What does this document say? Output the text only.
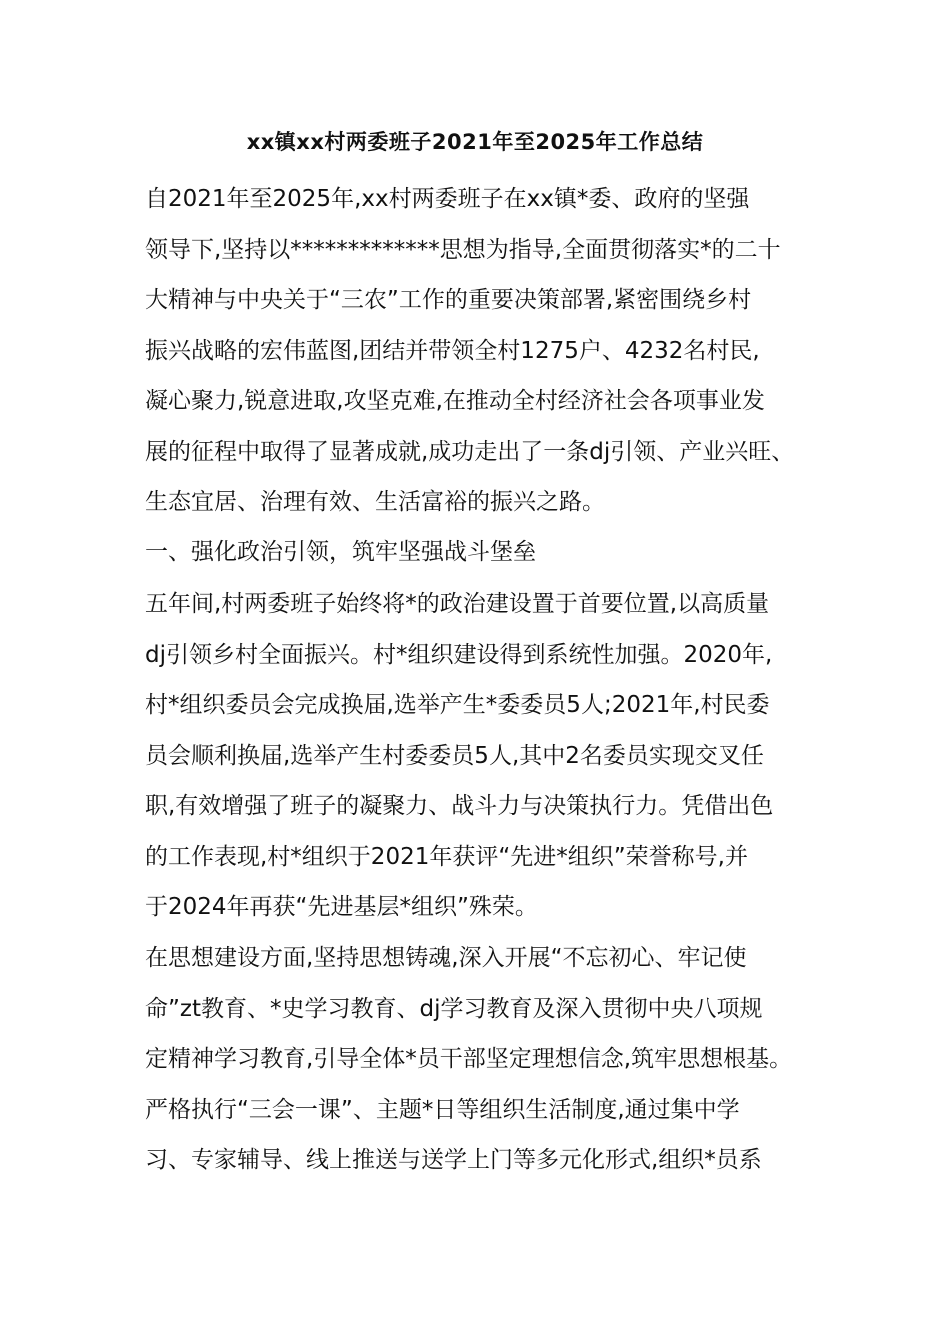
xx镇xx村两委班子2021年至2025年工作总结

自2021年至2025年,xx村两委班子在xx镇*委、政府的坚强
领导下,坚持以*************思想为指导,全面贯彻落实*的二十
大精神与中央关于“三农”工作的重要决策部署,紧密围绕乡村
振兴战略的宏伟蓝图,团结并带领全村1275户、4232名村民,
凝心聚力,锐意进取,攻坚克难,在推动全村经济社会各项事业发
展的征程中取得了显著成就,成功走出了一条dj引领、产业兴旺、
生态宜居、治理有效、生活富裕的振兴之路。

一、强化政治引领，筑牢坚强战斗堡垒

五年间,村两委班子始终将*的政治建设置于首要位置,以高质量
dj引领乡村全面振兴。村*组织建设得到系统性加强。2020年,
村*组织委员会完成换届,选举产生*委委员5人;2021年,村民委
员会顺利换届,选举产生村委委员5人,其中2名委员实现交叉任
职,有效增强了班子的凝聚力、战斗力与决策执行力。凭借出色
的工作表现,村*组织于2021年获评“先进*组织”荣誉称号,并
于2024年再获“先进基层*组织”殊荣。

在思想建设方面,坚持思想铸魂,深入开展“不忘初心、牢记使
命”zt教育、*史学习教育、dj学习教育及深入贯彻中央八项规
定精神学习教育,引导全体*员干部坚定理想信念,筑牢思想根基。
严格执行“三会一课”、主题*日等组织生活制度,通过集中学
习、专家辅导、线上推送与送学上门等多元化形式,组织*员系
